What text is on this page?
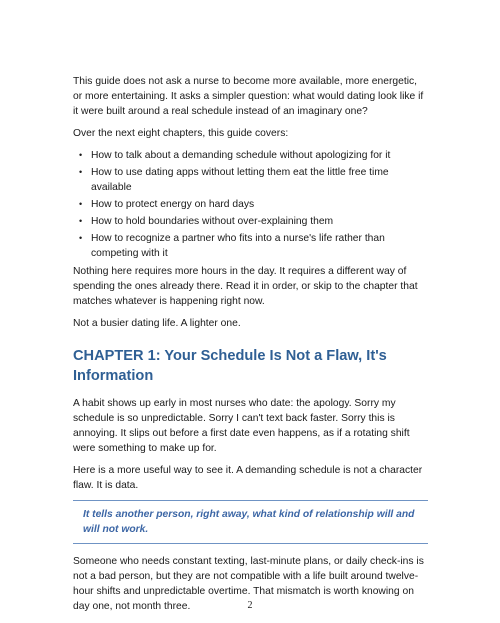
This guide does not ask a nurse to become more available, more energetic, or more entertaining. It asks a simpler question: what would dating look like if it were built around a real schedule instead of an imaginary one?

Over the next eight chapters, this guide covers:

• How to talk about a demanding schedule without apologizing for it
• How to use dating apps without letting them eat the little free time available
• How to protect energy on hard days
• How to hold boundaries without over-explaining them
• How to recognize a partner who fits into a nurse's life rather than competing with it

Nothing here requires more hours in the day. It requires a different way of spending the ones already there. Read it in order, or skip to the chapter that matches whatever is happening right now.

Not a busier dating life. A lighter one.

CHAPTER 1: Your Schedule Is Not a Flaw, It's Information

A habit shows up early in most nurses who date: the apology. Sorry my schedule is so unpredictable. Sorry I can't text back faster. Sorry this is annoying. It slips out before a first date even happens, as if a rotating shift were something to make up for.

Here is a more useful way to see it. A demanding schedule is not a character flaw. It is data.

It tells another person, right away, what kind of relationship will and will not work.

Someone who needs constant texting, last-minute plans, or daily check-ins is not a bad person, but they are not compatible with a life built around twelve-hour shifts and unpredictable overtime. That mismatch is worth knowing on day one, not month three.	2
